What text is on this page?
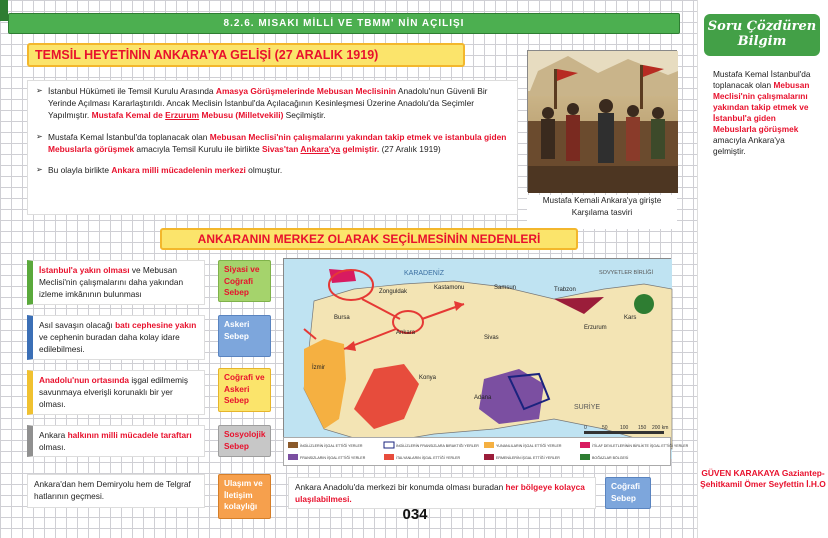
8.2.6. MISAKI MİLLİ VE TBMM' NİN AÇILIŞI
TEMSİL HEYETİNİN ANKARA'YA GELİŞİ (27 ARALIK 1919)

➢ İstanbul Hükümeti ile Temsil Kurulu Arasında Amasya Görüşmelerinde Mebusan Meclisinin Anadolu'nun Güvenli Bir Yerinde Açılması Kararlaştırıldı. Ancak Meclisin İstanbul'da Açılacağının Kesinleşmesi Üzerine Anadolu'da Seçimler Yapılmıştır. Mustafa Kemal de Erzurum Mebusu (Milletvekili) Seçilmiştir.

➢ Mustafa Kemal İstanbul'da toplanacak olan Mebusan Meclisi'nin çalışmalarını yakından takip etmek ve istanbula giden Mebuslarla görüşmek amacıyla Temsil Kurulu ile birlikte Sivas'tan Ankara'ya gelmiştir. (27 Aralık 1919)

➢ Bu olayla birlikte Ankara milli mücadelenin merkezi olmuştur.

Mustafa Kemali Ankara'ya girişte Karşılama tasviri
ANKARANIN MERKEZ OLARAK SEÇİLMESİNİN NEDENLERİ
İstanbul'a yakın olması ve Mebusan Meclisi'nin çalışmalarını daha yakından izleme imkânının bulunması
Siyasi ve Coğrafi Sebep
Asıl savaşın olacağı batı cephesine yakın ve cephenin buradan daha kolay idare edilebilmesi.
Askeri Sebep
Anadolu'nun ortasında işgal edilmemiş savunmaya elverişli korunaklı bir yer olması.
Coğrafi ve Askeri Sebep
Ankara halkının milli mücadele taraftarı olması.
Sosyolojik Sebep
Ankara'dan hem Demiryolu hem de Telgraf hatlarının geçmesi.
Ulaşım ve İletişim kolaylığı
Ankara Anadolu'da merkezi bir konumda olması buradan her bölgeye kolayca ulaşılabilmesi.
Coğrafi Sebep
KARADENİZ
Zonguldak
Kastamonu	Samsun	Trabzon
Ankara
Sivas
Erzurum
Konya
Adana
SURİYE
SOVYETLER BİRLİĞİ
Kars
İzmir
Bursa
0	50 100 150 200 km
İNGİLİZLERİN İŞGAL ETTİĞİ YERLER
FRANSIZLARIN İŞGAL ETTİĞİ YERLER
İNGİLİZLERİN FRANSIZLARA BIRAKTIĞI YERLER
İTALYANLARIN İŞGAL ETTİĞİ YERLER
YUNANLILARIN İŞGAL ETTİĞİ YERLER
ERMENİLERİN İŞGAL ETTİĞİ YERLER
İTİLAF DEVLETLERİNİN BİRLİKTE İŞGAL ETTİĞİ YERLER
BOĞAZLAR BÖLGESİ
Soru Çözdüren
Bilgim
Mustafa Kemal İstanbul'da toplanacak olan Mebusan Meclisi'nin çalışmalarını yakından takip etmek ve İstanbul'a giden Mebuslarla görüşmek amacıyla Ankara'ya gelmiştir.
GÜVEN KARAKAYA Gaziantep-Şehitkamil Ömer Seyfettin İ.H.O
034
